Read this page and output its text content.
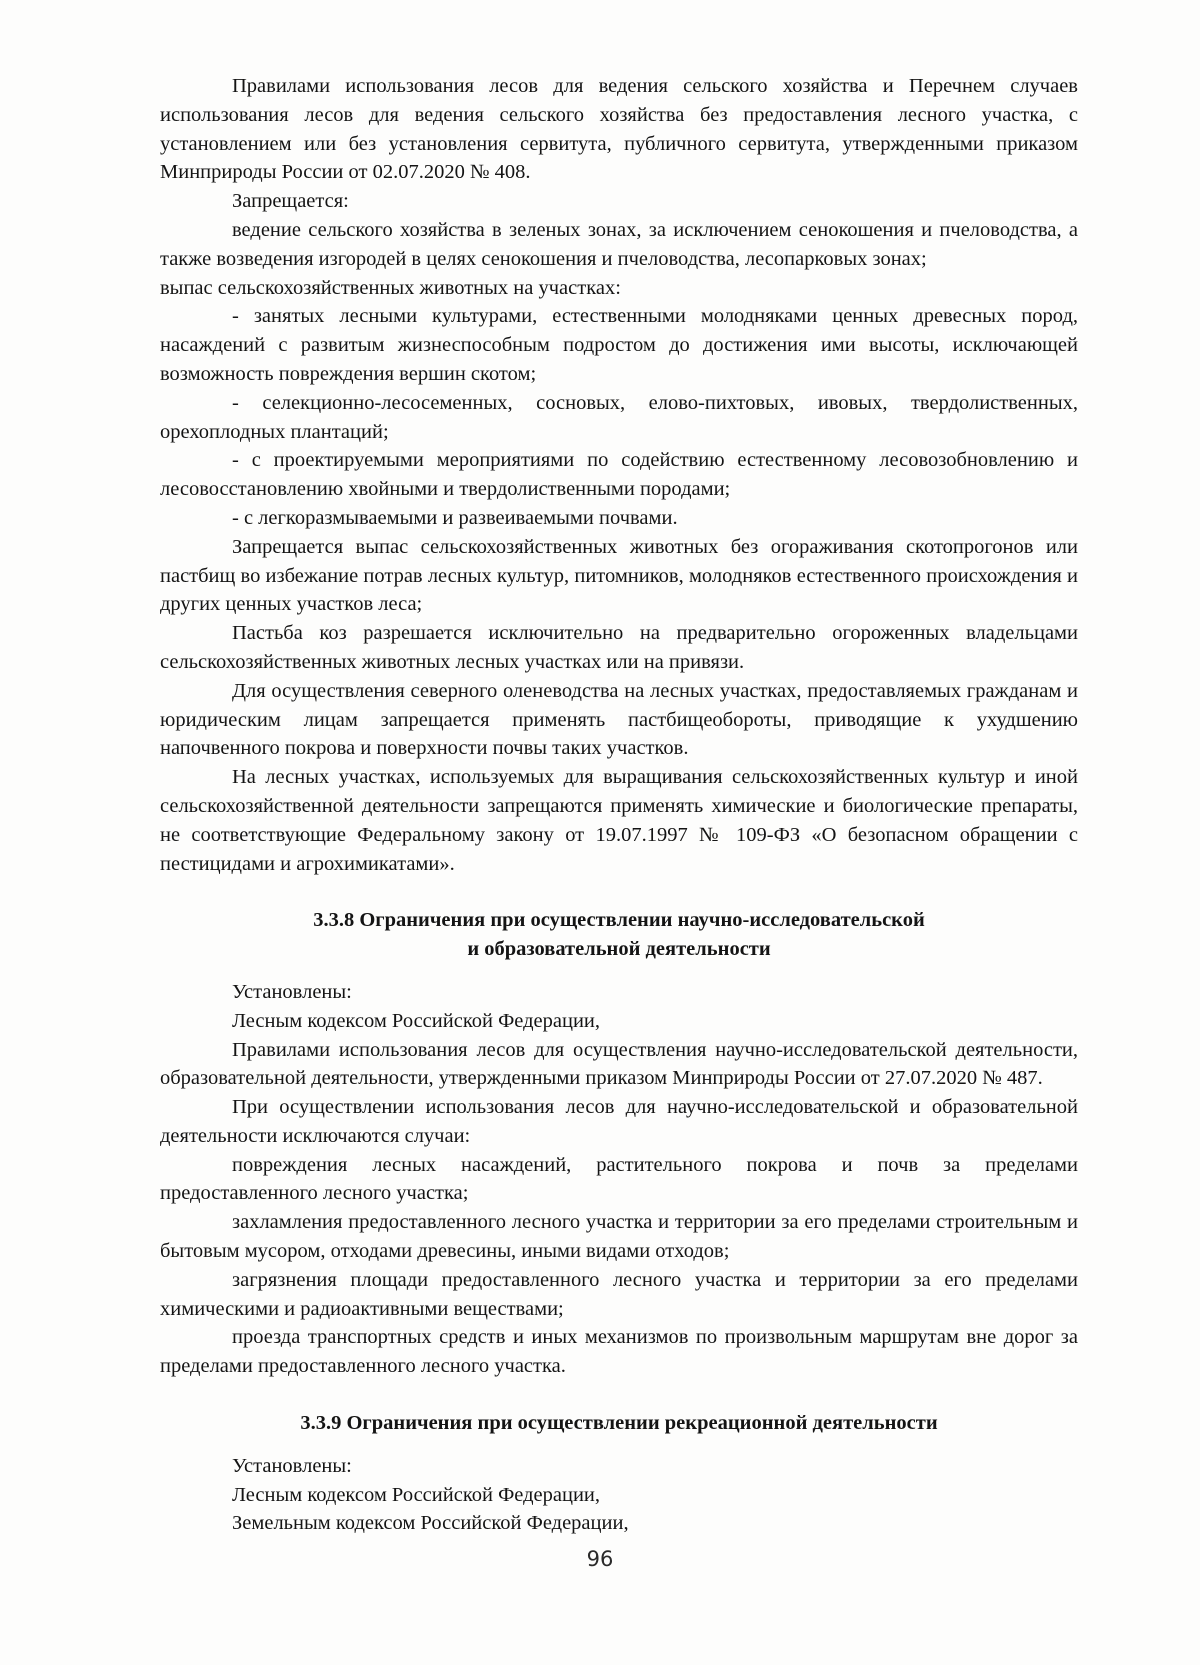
Правилами использования лесов для ведения сельского хозяйства и Перечнем случаев использования лесов для ведения сельского хозяйства без предоставления лесного участка, с установлением или без установления сервитута, публичного сервитута, утвержденными приказом Минприроды России от 02.07.2020 № 408.

Запрещается:

ведение сельского хозяйства в зеленых зонах, за исключением сенокошения и пчеловодства, а также возведения изгородей в целях сенокошения и пчеловодства, лесопарковых зонах;

выпас сельскохозяйственных животных на участках:

- занятых лесными культурами, естественными молодняками ценных древесных пород, насаждений с развитым жизнеспособным подростом до достижения ими высоты, исключающей возможность повреждения вершин скотом;

- селекционно-лесосеменных, сосновых, елово-пихтовых, ивовых, твердолиственных, орехоплодных плантаций;

- с проектируемыми мероприятиями по содействию естественному лесовозобновлению и лесовосстановлению хвойными и твердолиственными породами;

- с легкоразмываемыми и развеиваемыми почвами.

Запрещается выпас сельскохозяйственных животных без огораживания скотопрогонов или пастбищ во избежание потрав лесных культур, питомников, молодняков естественного происхождения и других ценных участков леса;

Пастьба коз разрешается исключительно на предварительно огороженных владельцами сельскохозяйственных животных лесных участках или на привязи.

Для осуществления северного оленеводства на лесных участках, предоставляемых гражданам и юридическим лицам запрещается применять пастбищеобороты, приводящие к ухудшению напочвенного покрова и поверхности почвы таких участков.

На лесных участках, используемых для выращивания сельскохозяйственных культур и иной сельскохозяйственной деятельности запрещаются применять химические и биологические препараты, не соответствующие Федеральному закону от 19.07.1997 № 109-ФЗ «О безопасном обращении с пестицидами и агрохимикатами».

3.3.8 Ограничения при осуществлении научно-исследовательской
и образовательной деятельности

Установлены:

Лесным кодексом Российской Федерации,

Правилами использования лесов для осуществления научно-исследовательской деятельности, образовательной деятельности, утвержденными приказом Минприроды России от 27.07.2020 № 487.

При осуществлении использования лесов для научно-исследовательской и образовательной деятельности исключаются случаи:

повреждения лесных насаждений, растительного покрова и почв за пределами предоставленного лесного участка;

захламления предоставленного лесного участка и территории за его пределами строительным и бытовым мусором, отходами древесины, иными видами отходов;

загрязнения площади предоставленного лесного участка и территории за его пределами химическими и радиоактивными веществами;

проезда транспортных средств и иных механизмов по произвольным маршрутам вне дорог за пределами предоставленного лесного участка.

3.3.9 Ограничения при осуществлении рекреационной деятельности

Установлены:

Лесным кодексом Российской Федерации,

Земельным кодексом Российской Федерации,

96
